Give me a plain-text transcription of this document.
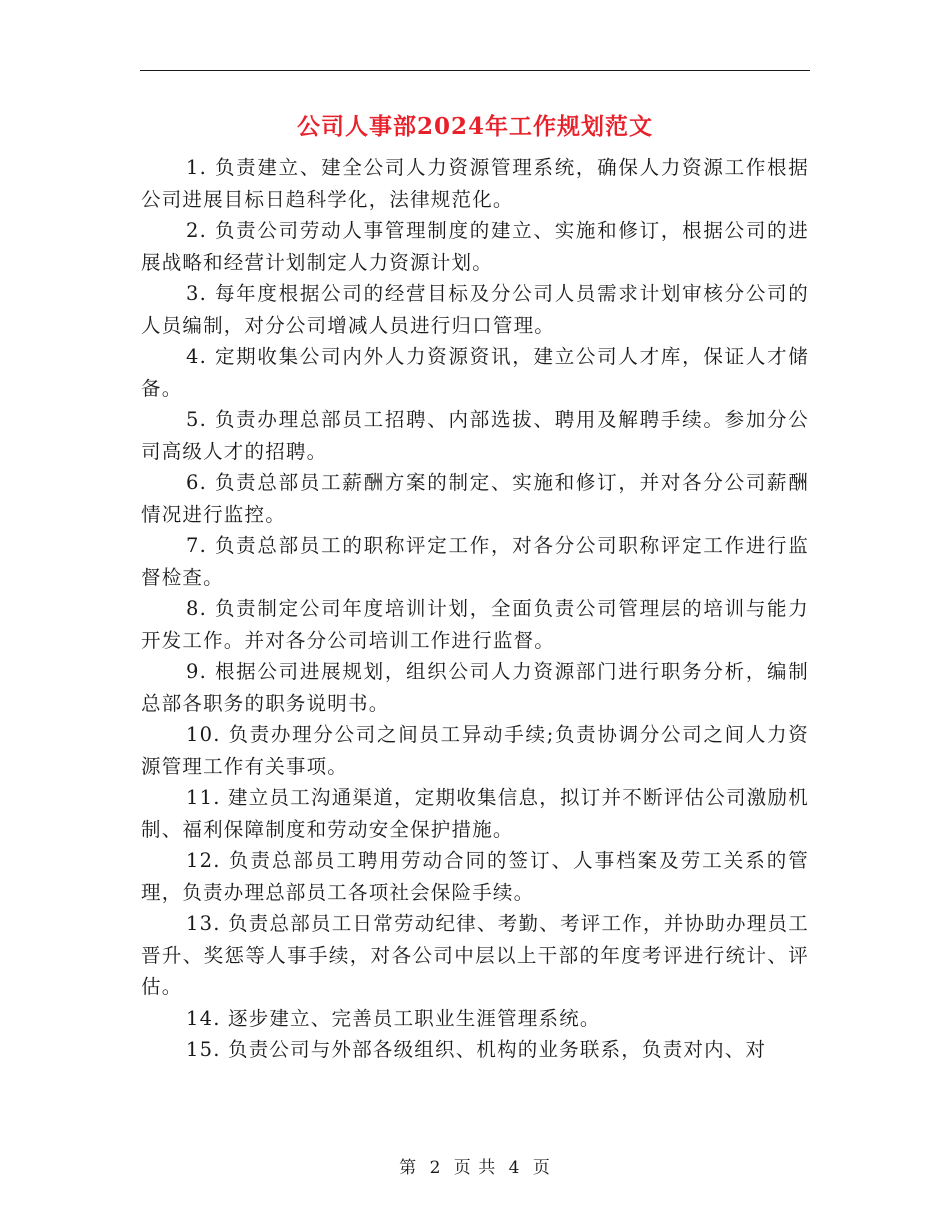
公司人事部2024年工作规划范文

1. 负责建立、建全公司人力资源管理系统，确保人力资源工作根据公司进展目标日趋科学化，法律规范化。

2. 负责公司劳动人事管理制度的建立、实施和修订，根据公司的进展战略和经营计划制定人力资源计划。

3. 每年度根据公司的经营目标及分公司人员需求计划审核分公司的人员编制，对分公司增减人员进行归口管理。

4. 定期收集公司内外人力资源资讯，建立公司人才库，保证人才储备。

5. 负责办理总部员工招聘、内部选拔、聘用及解聘手续。参加分公司高级人才的招聘。

6. 负责总部员工薪酬方案的制定、实施和修订，并对各分公司薪酬情况进行监控。

7. 负责总部员工的职称评定工作，对各分公司职称评定工作进行监督检查。

8. 负责制定公司年度培训计划，全面负责公司管理层的培训与能力开发工作。并对各分公司培训工作进行监督。

9. 根据公司进展规划，组织公司人力资源部门进行职务分析，编制总部各职务的职务说明书。

10. 负责办理分公司之间员工异动手续;负责协调分公司之间人力资源管理工作有关事项。

11. 建立员工沟通渠道，定期收集信息，拟订并不断评估公司激励机制、福利保障制度和劳动安全保护措施。

12. 负责总部员工聘用劳动合同的签订、人事档案及劳工关系的管理，负责办理总部员工各项社会保险手续。

13. 负责总部员工日常劳动纪律、考勤、考评工作，并协助办理员工晋升、奖惩等人事手续，对各公司中层以上干部的年度考评进行统计、评估。

14. 逐步建立、完善员工职业生涯管理系统。

15. 负责公司与外部各级组织、机构的业务联系，负责对内、对

第 2 页 共 4 页
